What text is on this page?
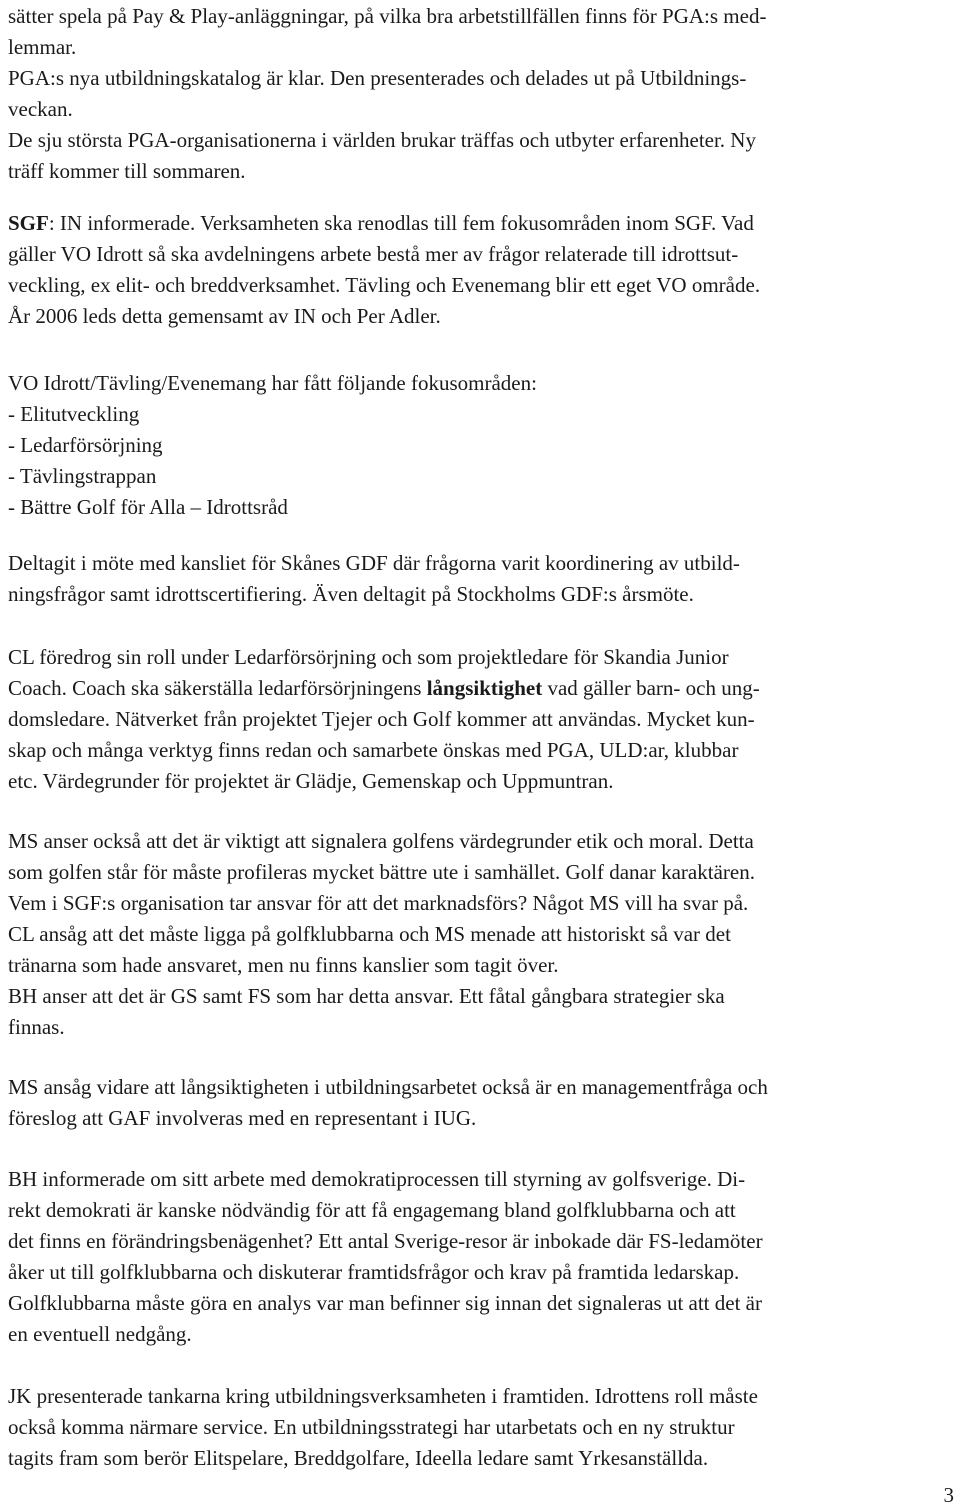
sätter spela på Pay & Play-anläggningar, på vilka bra arbetstillfällen finns för PGA:s med-
lemmar.
PGA:s nya utbildningskatalog är klar. Den presenterades och delades ut på Utbildnings-
veckan.
De sju största PGA-organisationerna i världen brukar träffas och utbyter erfarenheter. Ny
träff kommer till sommaren.
SGF: IN informerade. Verksamheten ska renodlas till fem fokusområden inom SGF. Vad
gäller VO Idrott så ska avdelningens arbete bestå mer av frågor relaterade till idrottsut-
veckling, ex elit- och breddverksamhet. Tävling och Evenemang blir ett eget VO område.
År 2006 leds detta gemensamt av IN och Per Adler.
VO Idrott/Tävling/Evenemang har fått följande fokusområden:
- Elitutveckling
- Ledarförsörjning
- Tävlingstrappan
- Bättre Golf för Alla – Idrottsråd
Deltagit i möte med kansliet för Skånes GDF där frågorna varit koordinering av utbild-
ningsfrågor samt idrottscertifiering. Även deltagit på Stockholms GDF:s årsmöte.
CL föredrog sin roll under Ledarförsörjning och som projektledare för Skandia Junior
Coach. Coach ska säkerställa ledarförsörjningens långsiktighet vad gäller barn- och ung-
domsledare. Nätverket från projektet Tjejer och Golf kommer att användas. Mycket kun-
skap och många verktyg finns redan och samarbete önskas med PGA, ULD:ar, klubbar
etc. Värdegrunder för projektet är Glädje, Gemenskap och Uppmuntran.
MS anser också att det är viktigt att signalera golfens värdegrunder etik och moral. Detta
som golfen står för måste profileras mycket bättre ute i samhället. Golf danar karaktären.
Vem i SGF:s organisation tar ansvar för att det marknadsförs? Något MS vill ha svar på.
CL ansåg att det måste ligga på golfklubbarna och MS menade att historiskt så var det
tränarna som hade ansvaret, men nu finns kanslier som tagit över.
BH anser att det är GS samt FS som har detta ansvar. Ett fåtal gångbara strategier ska
finnas.
MS ansåg vidare att långsiktigheten i utbildningsarbetet också är en managementfråga och
föreslog att GAF involveras med en representant i IUG.
BH informerade om sitt arbete med demokratiprocessen till styrning av golfsverige. Di-
rekt demokrati är kanske nödvändig för att få engagemang bland golfklubbarna och att
det finns en förändringsbenägenhet? Ett antal Sverige-resor är inbokade där FS-ledamöter
åker ut till golfklubbarna och diskuterar framtidsfrågor och krav på framtida ledarskap.
Golfklubbarna måste göra en analys var man befinner sig innan det signaleras ut att det är
en eventuell nedgång.
JK presenterade tankarna kring utbildningsverksamheten i framtiden. Idrottens roll måste
också komma närmare service. En utbildningsstrategi har utarbetats och en ny struktur
tagits fram som berör Elitspelare, Breddgolfare, Ideella ledare samt Yrkesanställda.
3
